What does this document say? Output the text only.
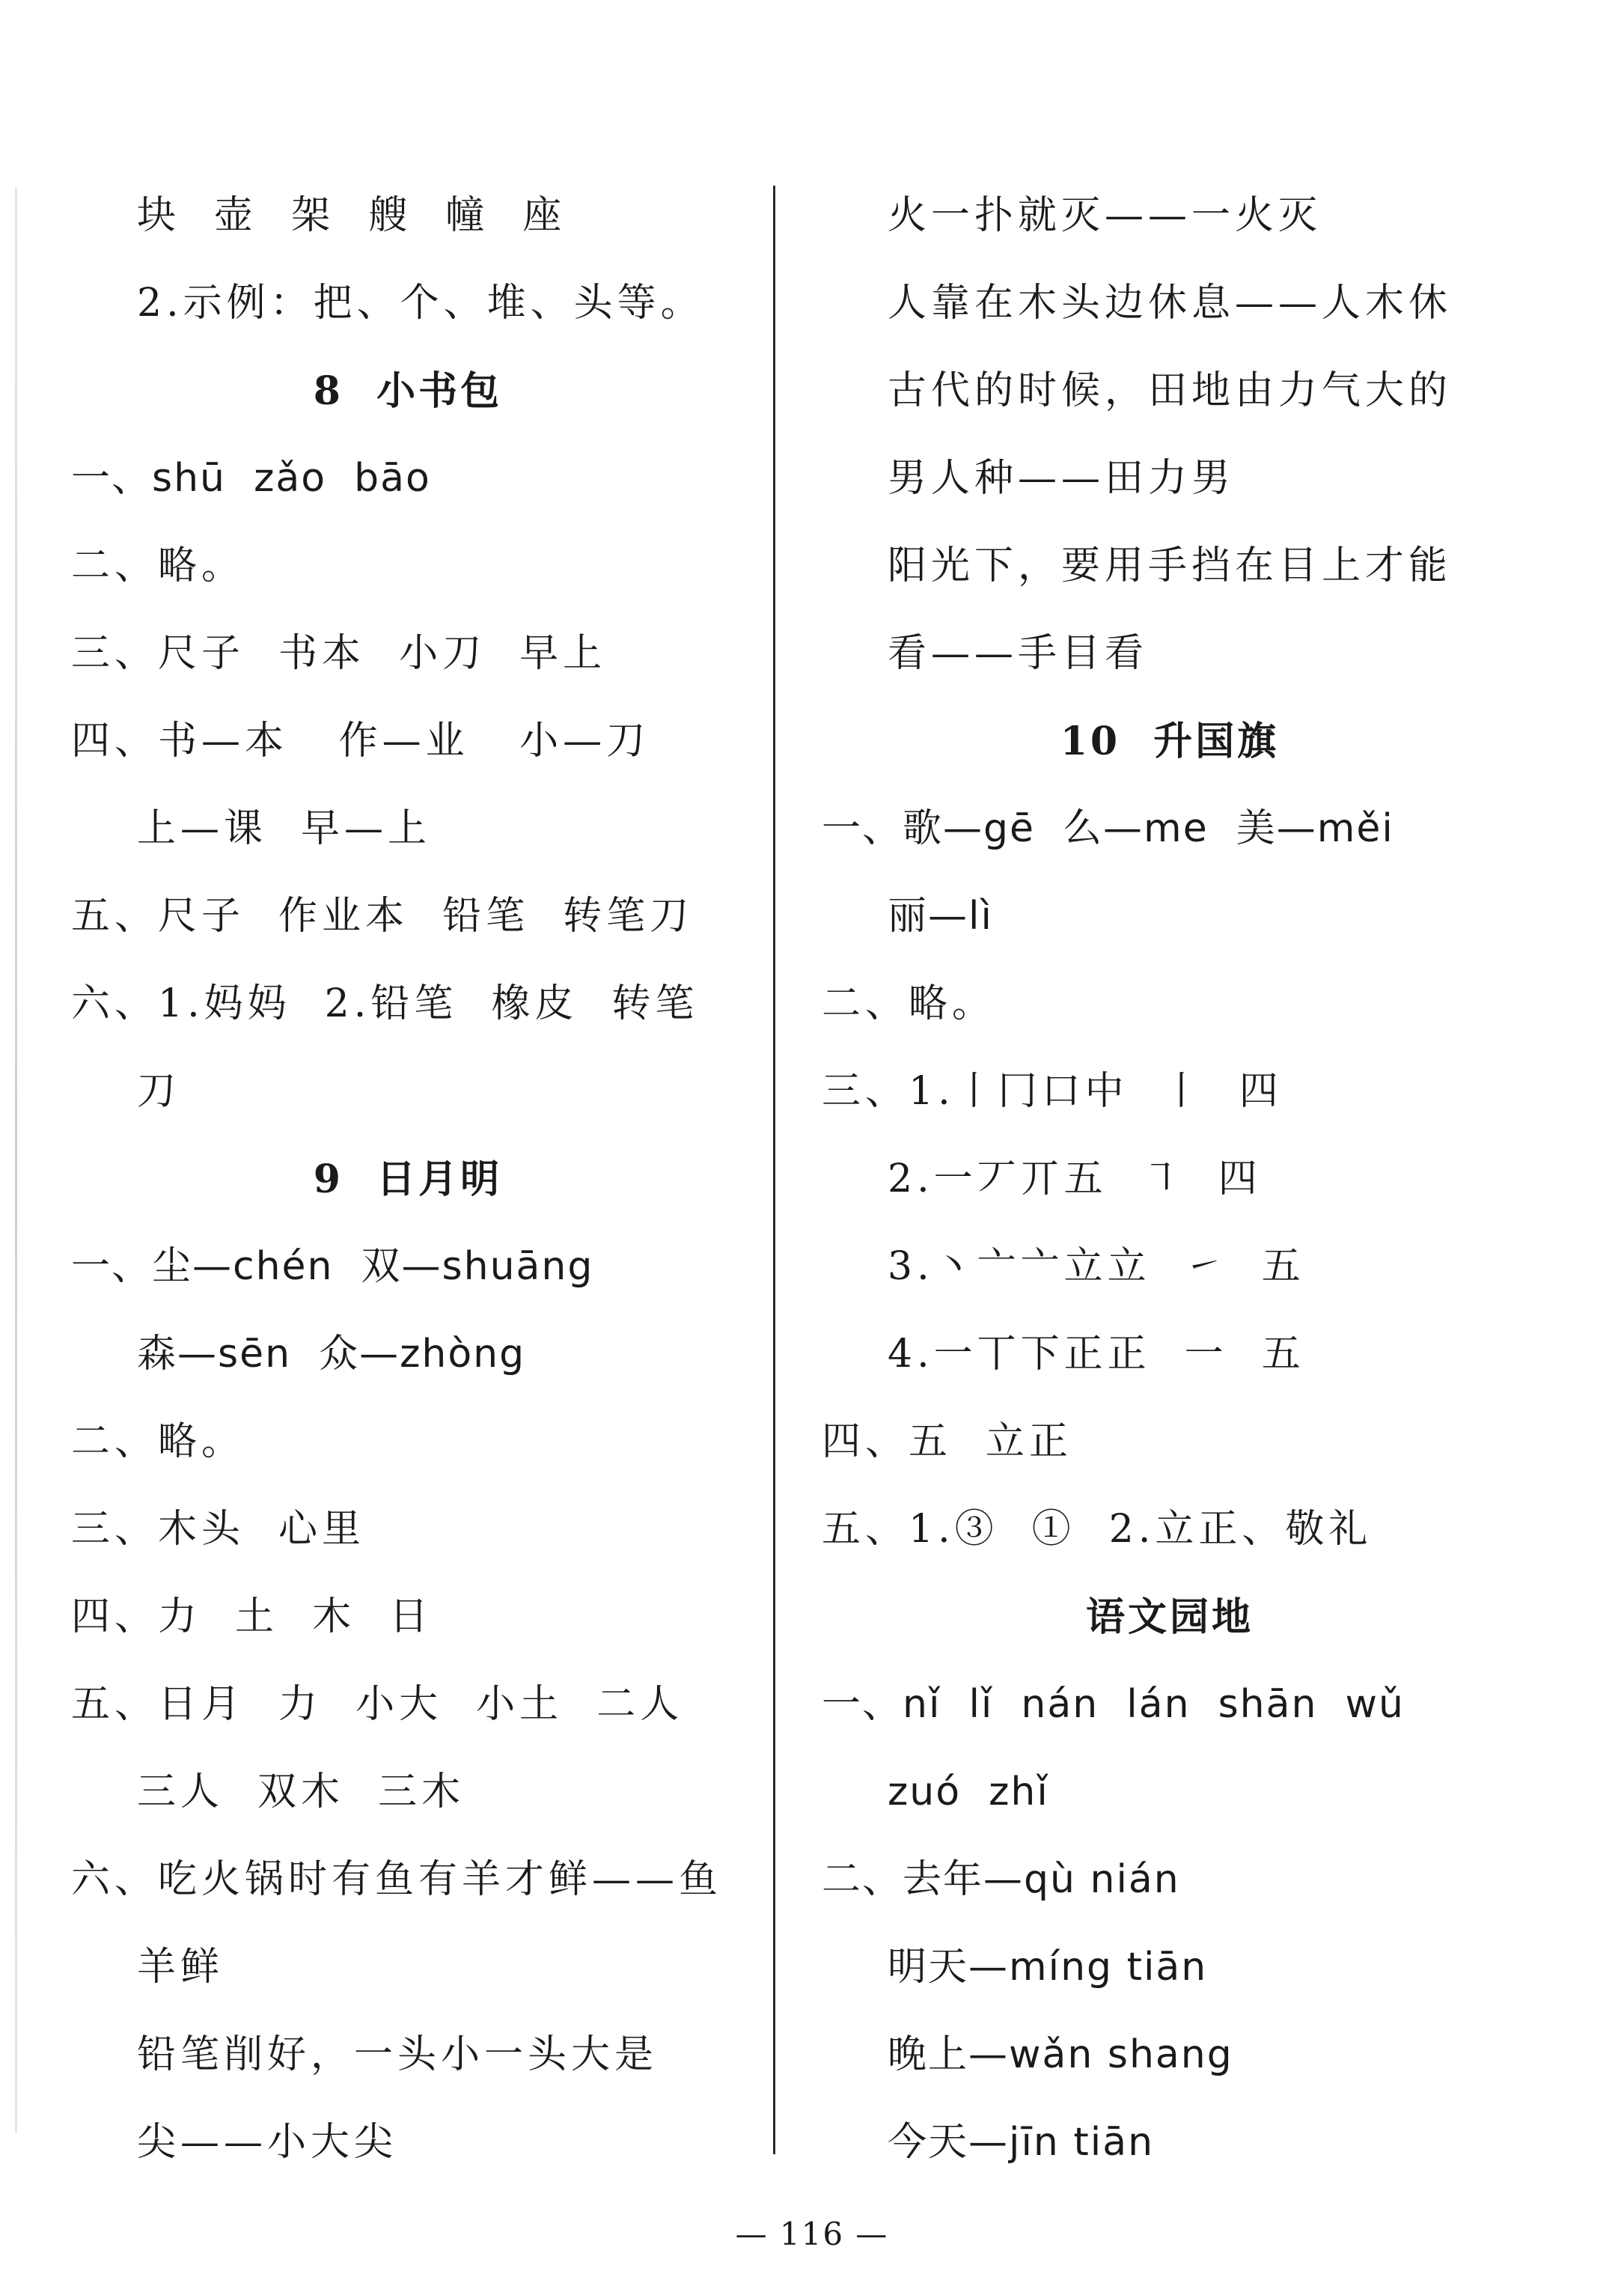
块  壶  架  艘  幢  座
2.示例：把、个、堆、头等。
8  小书包
一、shū  zǎo  bāo
二、略。
三、尺子  书本  小刀  早上
四、书—本   作—业   小—刀
上—课  早—上
五、尺子  作业本  铅笔  转笔刀
六、1.妈妈  2.铅笔  橡皮  转笔
刀
9  日月明
一、尘—chén  双—shuāng
森—sēn  众—zhòng
二、略。
三、木头  心里
四、力  土  木  日
五、日月  力  小大  小土  二人
三人  双木  三木
六、吃火锅时有鱼有羊才鲜——鱼
羊鲜
铅笔削好，一头小一头大是
尖——小大尖
火一扑就灭——一火灭
人靠在木头边休息——人木休
古代的时候，田地由力气大的
男人种——田力男
阳光下，要用手挡在目上才能
看——手目看
10  升国旗
一、歌—gē  么—me  美—měi
丽—lì
二、略。
三、1.丨冂口中  丨  四
2.一丆丌五  ㇕  四
3.丶亠亠立立  ㇀  五
4.一丅下正正  一  五
四、五  立正
五、1.③  ①  2.立正、敬礼
语文园地
一、nǐ  lǐ  nán  lán  shān  wǔ
zuó  zhǐ
二、去年—qù nián
明天—míng tiān
晚上—wǎn shang
今天—jīn tiān
— 116 —
